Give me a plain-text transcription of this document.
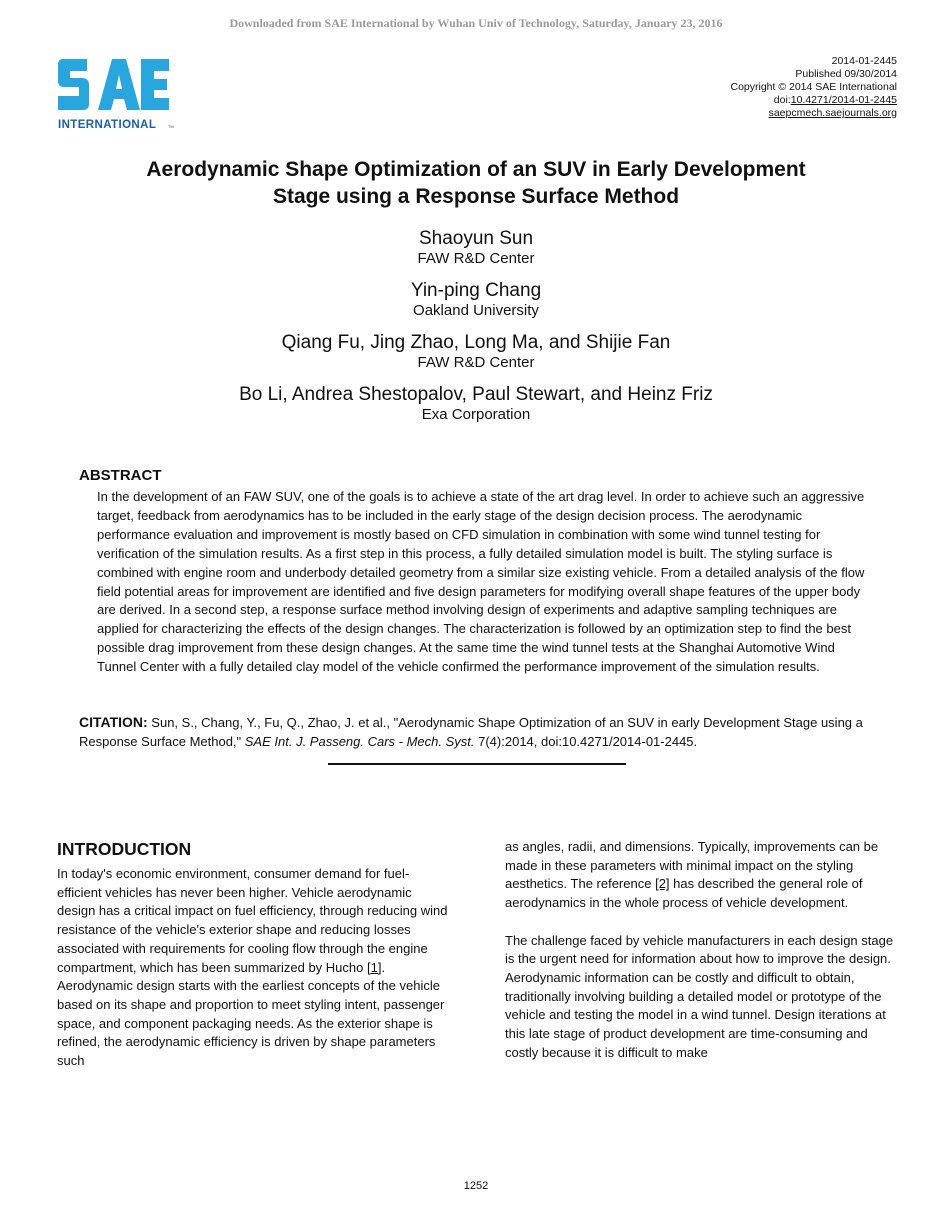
Downloaded from SAE International by Wuhan Univ of Technology, Saturday, January 23, 2016
INTERNATIONAL	TM
2014-01-2445
Published 09/30/2014
Copyright © 2014 SAE International
doi:10.4271/2014-01-2445
saepcmech.saejournals.org
Aerodynamic Shape Optimization of an SUV in Early Development
Stage using a Response Surface Method
Shaoyun Sun
FAW R&D Center
Yin-ping Chang
Oakland University
Qiang Fu, Jing Zhao, Long Ma, and Shijie Fan
FAW R&D Center
Bo Li, Andrea Shestopalov, Paul Stewart, and Heinz Friz
Exa Corporation
ABSTRACT
In the development of an FAW SUV, one of the goals is to achieve a state of the art drag level. In order to achieve such an aggressive target, feedback from aerodynamics has to be included in the early stage of the design decision process. The aerodynamic performance evaluation and improvement is mostly based on CFD simulation in combination with some wind tunnel testing for verification of the simulation results. As a first step in this process, a fully detailed simulation model is built. The styling surface is combined with engine room and underbody detailed geometry from a similar size existing vehicle. From a detailed analysis of the flow field potential areas for improvement are identified and five design parameters for modifying overall shape features of the upper body are derived. In a second step, a response surface method involving design of experiments and adaptive sampling techniques are applied for characterizing the effects of the design changes. The characterization is followed by an optimization step to find the best possible drag improvement from these design changes. At the same time the wind tunnel tests at the Shanghai Automotive Wind Tunnel Center with a fully detailed clay model of the vehicle confirmed the performance improvement of the simulation results.
CITATION: Sun, S., Chang, Y., Fu, Q., Zhao, J. et al., "Aerodynamic Shape Optimization of an SUV in early Development Stage using a Response Surface Method," SAE Int. J. Passeng. Cars - Mech. Syst. 7(4):2014, doi:10.4271/2014-01-2445.
INTRODUCTION

In today's economic environment, consumer demand for fuel-efficient vehicles has never been higher. Vehicle aerodynamic design has a critical impact on fuel efficiency, through reducing wind resistance of the vehicle's exterior shape and reducing losses associated with requirements for cooling flow through the engine compartment, which has been summarized by Hucho [1]. Aerodynamic design starts with the earliest concepts of the vehicle based on its shape and proportion to meet styling intent, passenger space, and component packaging needs. As the exterior shape is refined, the aerodynamic efficiency is driven by shape parameters such

as angles, radii, and dimensions. Typically, improvements can be made in these parameters with minimal impact on the styling aesthetics. The reference [2] has described the general role of aerodynamics in the whole process of vehicle development.

The challenge faced by vehicle manufacturers in each design stage is the urgent need for information about how to improve the design. Aerodynamic information can be costly and difficult to obtain, traditionally involving building a detailed model or prototype of the vehicle and testing the model in a wind tunnel. Design iterations at this late stage of product development are time-consuming and costly because it is difficult to make

1252
